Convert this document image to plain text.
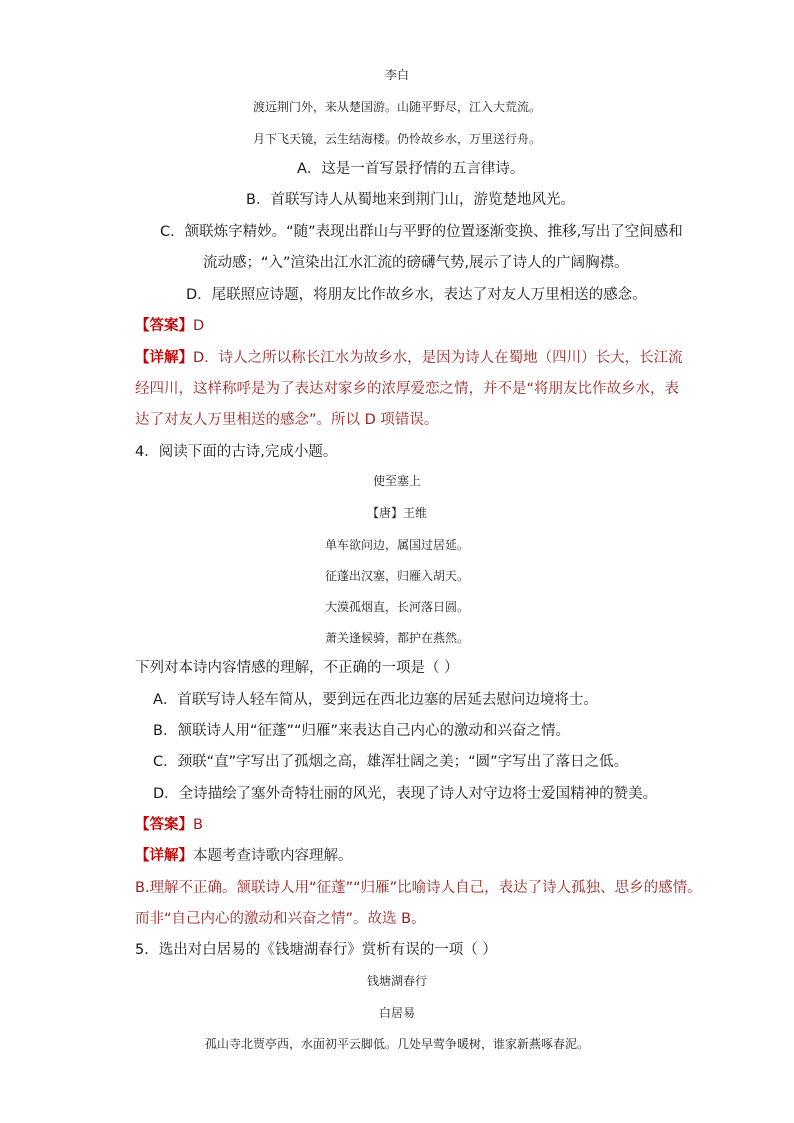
李白
渡远荆门外，来从楚国游。山随平野尽，江入大荒流。
月下飞天镜，云生结海楼。仍怜故乡水，万里送行舟。
A．这是一首写景抒情的五言律诗。
B．首联写诗人从蜀地来到荆门山，游览楚地风光。
C．颔联炼字精妙。“随”表现出群山与平野的位置逐渐变换、推移,写出了空间感和
流动感；“入”渲染出江水汇流的磅礴气势,展示了诗人的广阔胸襟。
D．尾联照应诗题，将朋友比作故乡水，表达了对友人万里相送的感念。
【答案】D
【详解】D．诗人之所以称长江水为故乡水，是因为诗人在蜀地（四川）长大，长江流
经四川，这样称呼是为了表达对家乡的浓厚爱恋之情，并不是“将朋友比作故乡水，表
达了对友人万里相送的感念”。所以 D 项错误。
4．阅读下面的古诗,完成小题。
使至塞上
【唐】王维
单车欲问边，属国过居延。
征蓬出汉塞，归雁入胡天。
大漠孤烟直，长河落日圆。
萧关逢候骑，都护在燕然。
下列对本诗内容情感的理解，不正确的一项是（ ）
A．首联写诗人轻车简从，要到远在西北边塞的居延去慰问边境将士。
B．颔联诗人用“征蓬”“归雁”来表达自己内心的激动和兴奋之情。
C．颈联“直”字写出了孤烟之高，雄浑壮阔之美；“圆”字写出了落日之低。
D．全诗描绘了塞外奇特壮丽的风光，表现了诗人对守边将士爱国精神的赞美。
【答案】B
【详解】本题考查诗歌内容理解。
B.理解不正确。颔联诗人用“征蓬”“归雁”比喻诗人自己，表达了诗人孤独、思乡的感情。
而非“自己内心的激动和兴奋之情”。故选 B。
5．选出对白居易的《钱塘湖春行》赏析有误的一项（ ）
钱塘湖春行
白居易
孤山寺北贾亭西，水面初平云脚低。几处早莺争暖树，谁家新燕啄春泥。
